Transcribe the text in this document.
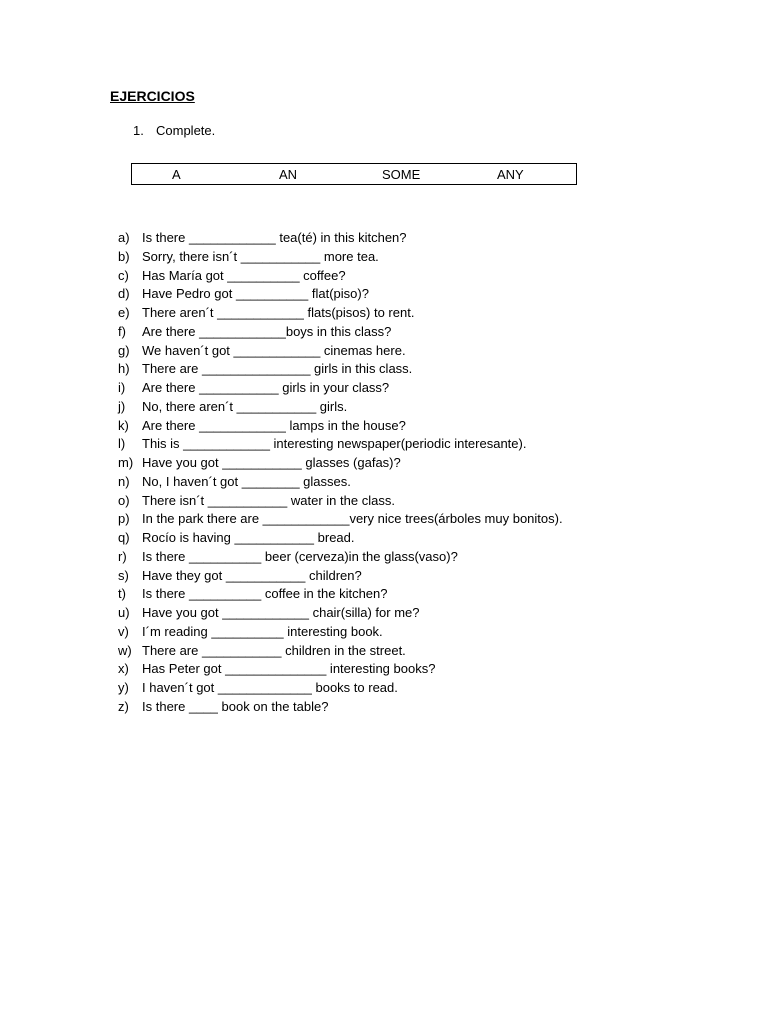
EJERCICIOS
1. Complete.
A	AN	SOME	ANY
a) Is there ____________ tea(té) in this kitchen?
b) Sorry, there isn´t ___________ more tea.
c)	Has María got __________ coffee?
d) Have Pedro got __________ flat(piso)?
e) There aren´t ____________ flats(pisos) to rent.
f)	Are there ____________boys in this class?
g) We haven´t got ____________ cinemas here.
h) There are _______________ girls in this class.
i)	Are there ___________ girls in your class?
j)	No, there aren´t ___________ girls.
k)	Are there ____________ lamps in the house?
l)	This is ____________ interesting newspaper(periodic interesante).
m) Have you got ___________ glasses (gafas)?
n) No, I haven´t got ________ glasses.
o) There isn´t ___________ water in the class.
p) In the park there are ____________very nice trees(árboles muy bonitos).
q) Rocío is having ___________ bread.
r)	Is there __________ beer (cerveza)in the glass(vaso)?
s)	Have they got ___________ children?
t)	Is there __________ coffee in the kitchen?
u) Have you got ____________ chair(silla) for me?
v)	I´m reading __________ interesting book.
w) There are ___________ children in the street.
x)	Has Peter got ______________ interesting books?
y)	I haven´t got _____________ books to read.
z)	Is there ____ book on the table?
